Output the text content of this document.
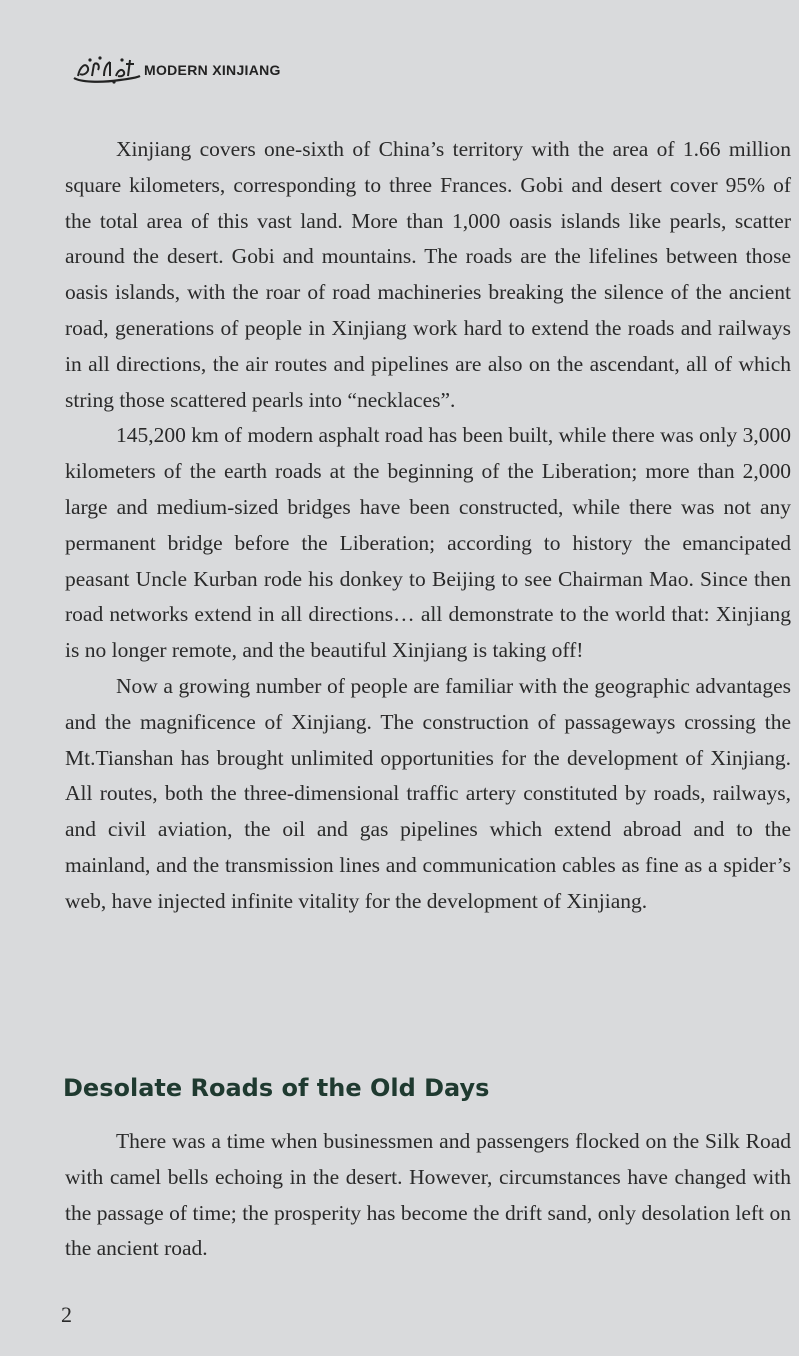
MODERN XINJIANG

Xinjiang covers one-sixth of China’s territory with the area of 1.66 million square kilometers, corresponding to three Frances. Gobi and desert cover 95% of the total area of this vast land. More than 1,000 oasis islands like pearls, scatter around the desert. Gobi and mountains. The roads are the lifelines between those oasis islands, with the roar of road machineries breaking the silence of the ancient road, generations of people in Xinjiang work hard to extend the roads and railways in all directions, the air routes and pipelines are also on the ascendant, all of which string those scattered pearls into “necklaces”.

145,200 km of modern asphalt road has been built, while there was only 3,000 kilometers of the earth roads at the beginning of the Liberation; more than 2,000 large and medium-sized bridges have been constructed, while there was not any permanent bridge before the Liberation; according to history the emancipated peasant Uncle Kurban rode his donkey to Beijing to see Chairman Mao. Since then road networks extend in all directions… all demonstrate to the world that: Xinjiang is no longer remote, and the beautiful Xinjiang is taking off!

Now a growing number of people are familiar with the geographic advantages and the magnificence of Xinjiang. The construction of passageways crossing the Mt.Tianshan has brought unlimited opportunities for the development of Xinjiang. All routes, both the three-dimensional traffic artery constituted by roads, railways, and civil aviation, the oil and gas pipelines which extend abroad and to the mainland, and the transmission lines and communication cables as fine as a spider’s web, have injected infinite vitality for the development of Xinjiang.

Desolate Roads of the Old Days

There was a time when businessmen and passengers flocked on the Silk Road with camel bells echoing in the desert. However, circumstances have changed with the passage of time; the prosperity has become the drift sand, only desolation left on the ancient road.

2
